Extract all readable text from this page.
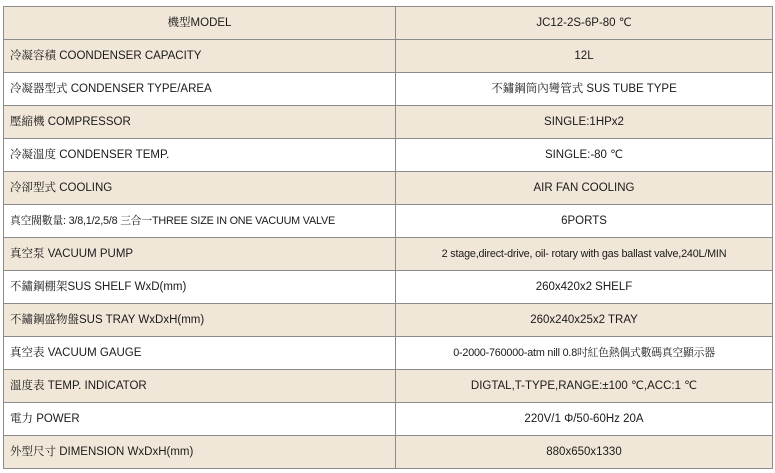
機型MODEL	JC12-2S-6P-80 ℃
冷凝容積 COONDENSER CAPACITY	12L
冷凝器型式 CONDENSER TYPE/AREA	不鏽鋼筒內彎管式 SUS TUBE TYPE
壓縮機 COMPRESSOR	SINGLE:1HPx2
冷凝溫度 CONDENSER TEMP.	SINGLE:-80 ℃
冷卻型式 COOLING	AIR FAN COOLING
真空閥數量: 3/8,1/2,5/8 三合一THREE SIZE IN ONE VACUUM VALVE	6PORTS
真空泵 VACUUM PUMP	2 stage,direct-drive, oil- rotary with gas ballast valve,240L/MIN
不鏽鋼棚架SUS SHELF WxD(mm)	260x420x2 SHELF
不鏽鋼盛物盤SUS TRAY WxDxH(mm)	260x240x25x2 TRAY
真空表 VACUUM GAUGE	0-2000-760000-atm nill 0.8吋紅色熱偶式數碼真空顯示器
溫度表 TEMP. INDICATOR	DIGTAL,T-TYPE,RANGE:±100 ℃,ACC:1 ℃
電力 POWER	220V/1 Φ/50-60Hz 20A
外型尺寸 DIMENSION WxDxH(mm)	880x650x1330
